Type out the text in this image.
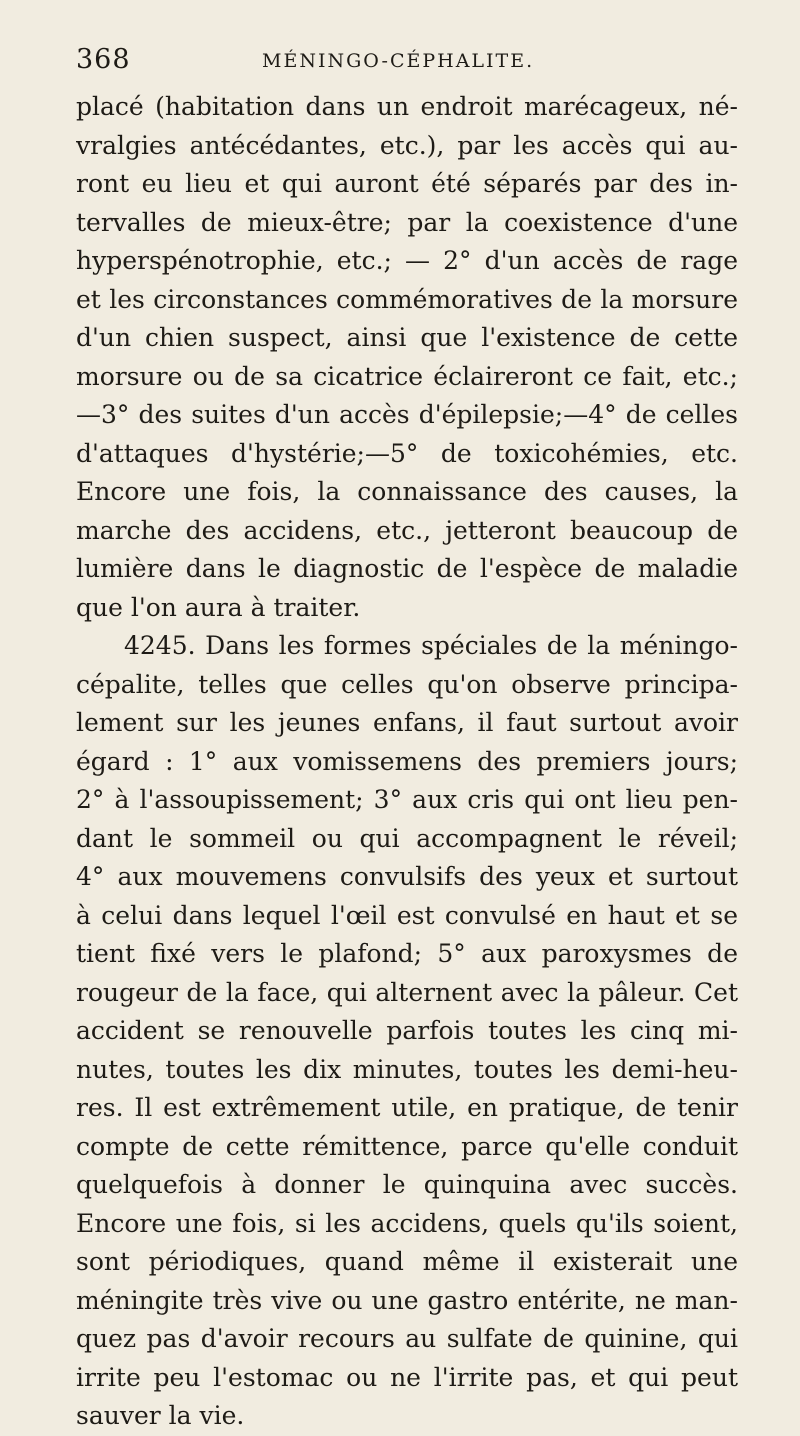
368	MÉNINGO-CÉPHALITE.
placé (habitation dans un endroit marécageux, né-
vralgies antécédantes, etc.), par les accès qui au-
ront eu lieu et qui auront été séparés par des in-
tervalles de mieux-être; par la coexistence d'une
hyperspénotrophie, etc.; — 2° d'un accès de rage
et les circonstances commémoratives de la morsure
d'un chien suspect, ainsi que l'existence de cette
morsure ou de sa cicatrice éclaireront ce fait, etc.;
—3° des suites d'un accès d'épilepsie;—4° de celles
d'attaques d'hystérie;—5° de toxicohémies, etc.
Encore une fois, la connaissance des causes, la
marche des accidens, etc., jetteront beaucoup de
lumière dans le diagnostic de l'espèce de maladie
que l'on aura à traiter.
4245. Dans les formes spéciales de la méningo-
cépalite, telles que celles qu'on observe principa-
lement sur les jeunes enfans, il faut surtout avoir
égard : 1° aux vomissemens des premiers jours;
2° à l'assoupissement; 3° aux cris qui ont lieu pen-
dant le sommeil ou qui accompagnent le réveil;
4° aux mouvemens convulsifs des yeux et surtout
à celui dans lequel l'œil est convulsé en haut et se
tient fixé vers le plafond; 5° aux paroxysmes de
rougeur de la face, qui alternent avec la pâleur. Cet
accident se renouvelle parfois toutes les cinq mi-
nutes, toutes les dix minutes, toutes les demi-heu-
res. Il est extrêmement utile, en pratique, de tenir
compte de cette rémittence, parce qu'elle conduit
quelquefois à donner le quinquina avec succès.
Encore une fois, si les accidens, quels qu'ils soient,
sont périodiques, quand même il existerait une
méningite très vive ou une gastro entérite, ne man-
quez pas d'avoir recours au sulfate de quinine, qui
irrite peu l'estomac ou ne l'irrite pas, et qui peut
sauver la vie.
